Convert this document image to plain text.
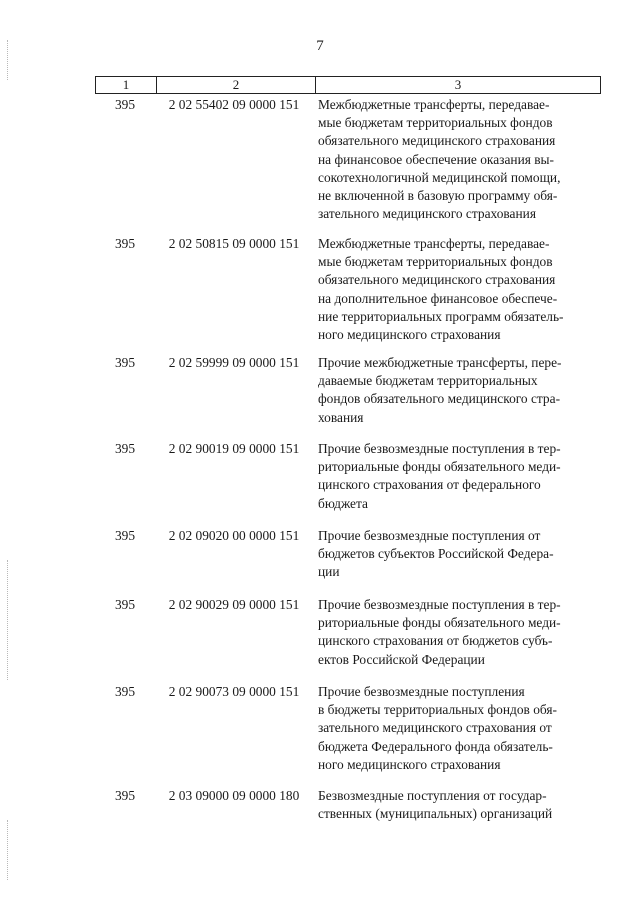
7
1	2	3
395	2 02 55402 09 0000 151	Межбюджетные трансферты, передавае-
мые бюджетам территориальных фондов
обязательного медицинского страхования
на финансовое обеспечение оказания вы-
сокотехнологичной медицинской помощи,
не включенной в базовую программу обя-
зательного медицинского страхования
395	2 02 50815 09 0000 151	Межбюджетные трансферты, передавае-
мые бюджетам территориальных фондов
обязательного медицинского страхования
на дополнительное финансовое обеспече-
ние территориальных программ обязатель-
ного медицинского страхования
395	2 02 59999 09 0000 151	Прочие межбюджетные трансферты, пере-
даваемые бюджетам территориальных
фондов обязательного медицинского стра-
хования
395	2 02 90019 09 0000 151	Прочие безвозмездные поступления в тер-
риториальные фонды обязательного меди-
цинского страхования от федерального
бюджета
395	2 02 09020 00 0000 151	Прочие безвозмездные поступления от
бюджетов субъектов Российской Федера-
ции
395	2 02 90029 09 0000 151	Прочие безвозмездные поступления в тер-
риториальные фонды обязательного меди-
цинского страхования от бюджетов субъ-
ектов Российской Федерации
395	2 02 90073 09 0000 151	Прочие безвозмездные поступления
в бюджеты территориальных фондов обя-
зательного медицинского страхования от
бюджета Федерального фонда обязатель-
ного медицинского страхования
395	2 03 09000 09 0000 180	Безвозмездные поступления от государ-
ственных (муниципальных) организаций
